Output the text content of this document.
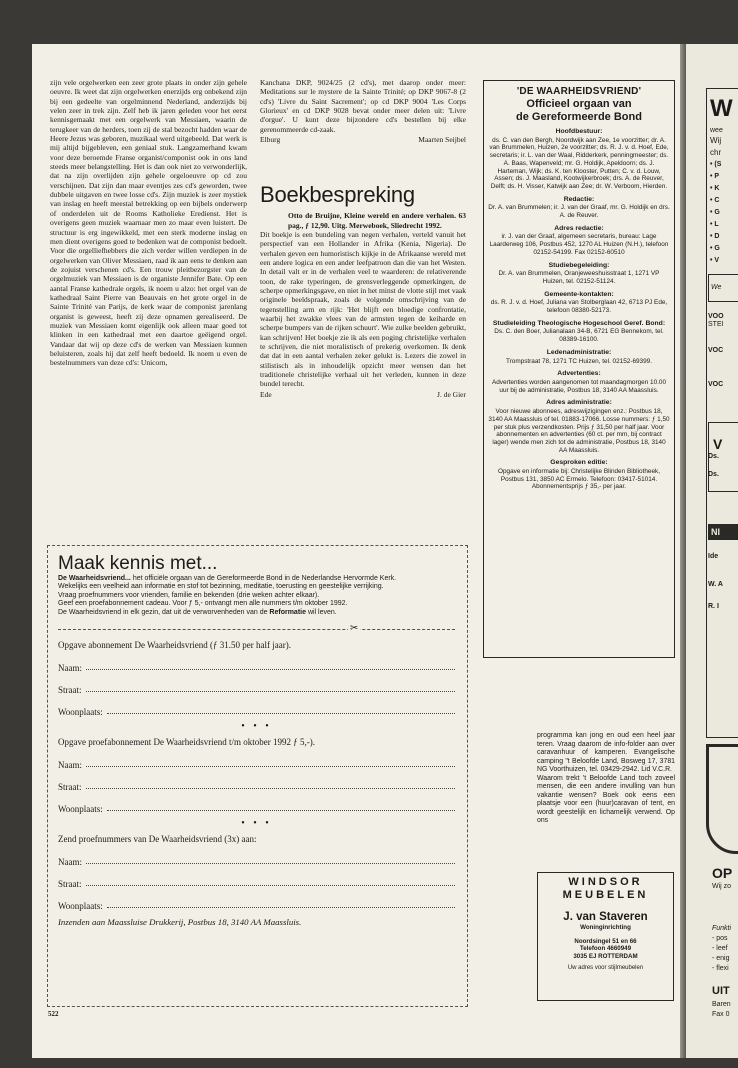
zijn vele orgelwerken een zeer grote plaats in onder zijn gehele oeuvre. Ik weet dat zijn orgelwerken enerzijds erg onbekend zijn bij een gedeelte van orgelminnend Nederland, anderzijds bij velen zeer in trek zijn. Zelf heb ik jaren geleden voor het eerst kennisgemaakt met een orgelwerk van Messiaen, waarin de terugkeer van de herders, toen zij de stal bezocht hadden waar de Heere Jezus was geboren, muzikaal werd uitgebeeld. Dat werk is mij altijd bijgebleven, een geniaal stuk. Langzamerhand kwam voor deze beroemde Franse organist/componist ook in ons land steeds meer belangstelling. Het is dan ook niet zo verwonderlijk, dat na zijn overlijden zijn gehele orgeloeuvre op cd zou verschijnen. Dat zijn dan maar eventjes zes cd's geworden, twee dubbele uitgaven en twee losse cd's. Zijn muziek is zeer mystiek van inslag en heeft meestal betrekking op een bijbels onderwerp of onderdelen uit de Rooms Katholieke Eredienst. Het is overigens geen muziek waarnaar men zo maar even luistert. De structuur is erg ingewikkeld, met een sterk moderne inslag en men dient overigens goed te bedenken wat de componist bedoelt. Voor die orgelliefhebbers die zich verder willen verdiepen in de orgelwerken van Oliver Messiaen, raad ik aan eens te denken aan de zojuist verschenen cd's. Een trouw pleitbezorgster van de orgelmuziek van Messiaen is de organiste Jennifer Bate. Op een aantal Franse kathedrale orgels, ik noem u alzo: het orgel van de kathedraal Saint Pierre van Beauvais en het grote orgel in de Sainte Trinité van Parijs, de kerk waar de componist jarenlang organist is geweest, heeft zij deze opnamen gerealiseerd. De muziek van Messiaen komt eigenlijk ook alleen maar goed tot klinken in een kathedraal met een daartoe geëigend orgel. Vandaar dat wij op deze cd's de werken van Messiaen kunnen beluisteren, zoals hij dat zelf heeft bedoeld. Ik noem u even de bestelnummers van deze cd's: Unicorn,

Kanchana DKP, 9024/25 (2 cd's), met daarop onder meer: Meditations sur le mystere de la Sainte Trinité; op DKP 9067-8 (2 cd's) 'Livre du Saint Sacrement'; op cd DKP 9004 'Les Corps Glorieux' en cd DKP 9028 bevat onder meer delen uit: 'Livre d'orgue'. U kunt deze bijzondere cd's bestellen bij elke gerenommeerde cd-zaak.

Elburg	Maarten Seijbel
Boekbespreking

Otto de Bruijne, Kleine wereld en andere verhalen. 63 pag., ƒ 12,90. Uitg. Merweboek, Sliedrecht 1992.

Dit boekje is een bundeling van negen verhalen, verteld vanuit het perspectief van een Hollander in Afrika (Kenia, Nigeria). De verhalen geven een humoristisch kijkje in de Afrikaanse wereld met een andere logica en een ander leefpatroon dan die van het Westen. In detail valt er in de verhalen veel te waarderen: de relativerende toon, de rake typeringen, de grensverleggende opmerkingen, de scherpe opmerkingsgave, en niet in het minst de vlotte stijl met vaak originele beeldspraak, zoals de volgende omschrijving van de tegenstelling arm en rijk: 'Het blijft een bloedige confrontatie, waarbij het zwakke vlees van de armsten tegen de keiharde en scherpe bumpers van de rijken schuurt'. Wie zulke beelden gebruikt, kan schrijven! Het boekje zie ik als een poging christelijke verhalen te schrijven, die niet moralistisch of prekerig overkomen. Ik denk dat dat in een aantal verhalen zeker gelukt is. Lezers die zowel in stilistisch als in inhoudelijk opzicht meer wensen dan het traditionele christelijke verhaal uit het verleden, kunnen in deze bundel terecht.

Ede	J. de Gier
'DE WAARHEIDSVRIEND'
Officieel orgaan van
de Gereformeerde Bond
Hoofdbestuur:
ds. C. van den Bergh, Noordwijk aan Zee, 1e voorzitter; dr. A. van Brummelen, Huizen, 2e voorzitter; ds. R. J. v. d. Hoef, Ede, secretaris; ir. L. van der Waal, Ridderkerk, penningmeester; ds. A. Baas, Wapenveld; mr. G. Holdijk, Apeldoorn; ds. J. Harteman, Wijk; ds. K. ten Klooster, Putten; C. v. d. Louw, Assen; ds. J. Maasland, Kootwijkerbroek; drs. A. de Reuver, Delft; ds. H. Visser, Katwijk aan Zee; dr. W. Verboom, Hierden.
Redactie:
Dr. A. van Brummelen; ir. J. van der Graaf, mr. G. Holdijk en drs. A. de Reuver.
Adres redactie:
ir. J. van der Graaf, algemeen secretaris, bureau: Lage Laarderweg 106, Postbus 452, 1270 AL Huizen (N.H.), telefoon 02152-54199. Fax 02152-60510
Studiebegeleiding:
Dr. A. van Brummelen, Oranjeweeshuisstraat 1, 1271 VP Huizen, tel. 02152-51124.
Gemeente-kontakten:
ds. R. J. v. d. Hoef, Juliana van Stolberglaan 42, 6713 PJ Ede, telefoon 08380-52173.
Studieleiding Theologische Hogeschool Geref. Bond:
Ds. C. den Boer, Julianalaan 34-B, 6721 EG Bennekom, tel. 08389-16100.
Ledenadministratie:
Trompstraat 78, 1271 TC Huizen, tel. 02152-69399.
Advertenties:
Advertenties worden aangenomen tot maandagmorgen 10.00 uur bij de administratie, Postbus 18, 3140 AA Maassluis.
Adres administratie:
Voor nieuwe abonnees, adreswijzigingen enz.: Postbus 18, 3140 AA Maassluis of tel. 01883-17066. Losse nummers: ƒ 1,50 per stuk plus verzendkosten. Prijs ƒ 31,50 per half jaar. Voor abonnementen en advertenties (60 ct. per mm, bij contract lager) wende men zich tot de administratie, Postbus 18, 3140 AA Maassluis.
Gesproken editie:
Opgave en informatie bij: Christelijke Blinden Bibliotheek, Postbus 131, 3850 AC Ermelo. Telefoon: 03417-51014. Abonnementsprijs ƒ 35,- per jaar.
Maak kennis met...

De Waarheidsvriend... het officiële orgaan van de Gereformeerde Bond in de Nederlandse Hervormde Kerk.

Wekelijks een veelheid aan informatie en stof tot bezinning, meditatie, toerusting en geestelijke verrijking.

Vraag proefnummers voor vrienden, familie en bekenden (drie weken achter elkaar).

Geef een proefabonnement cadeau. Voor ƒ 5,- ontvangt men alle nummers t/m oktober 1992.

De Waarheidsvriend in elk gezin, dat uit de verworvenheden van de Reformatie wil leven.

✂
Opgave abonnement De Waarheidsvriend (ƒ 31.50 per half jaar).
Naam:
Straat:
Woonplaats:
• • •
Opgave proefabonnement De Waarheidsvriend t/m oktober 1992 ƒ 5,-).
Naam:
Straat:
Woonplaats:
• • •
Zend proefnummers van De Waarheidsvriend (3x) aan:
Naam:
Straat:
Woonplaats:
Inzenden aan Maassluise Drukkerij, Postbus 18, 3140 AA Maassluis.

programma kan jong en oud een heel jaar teren. Vraag daarom de info-folder aan over caravanhuur of kamperen. Evangelische camping "t Beloofde Land, Bosweg 17, 3781 NG Voorthuizen, tel. 03429-2942. Lid V.C.R.

Waarom trekt 't Beloofde Land toch zoveel mensen, die een andere invulling van hun vakantie wensen? Boek ook eens een plaatsje voor een (huur)caravan of tent, en wordt geestelijk en lichamelijk verwend. Op ons

WINDSOR
MEUBELEN
J. van Staveren
Woninginrichting
Noordsingel 51 en 66
Telefoon 4660949
3035 EJ ROTTERDAM
Uw adres voor stijlmeubelen
522
W
wee
Wij
chr
• (S
• P
• K
• C
• G
• L
• D
• G
• V
We
VOO
STEI
VOC
VOC
V
Ds.
Ds.
NI
Ide
W. A
R. I
OP
Wij zo
Funkti
- pos
- leef
- enig
- flexi
UIT
Baren
Fax 0
